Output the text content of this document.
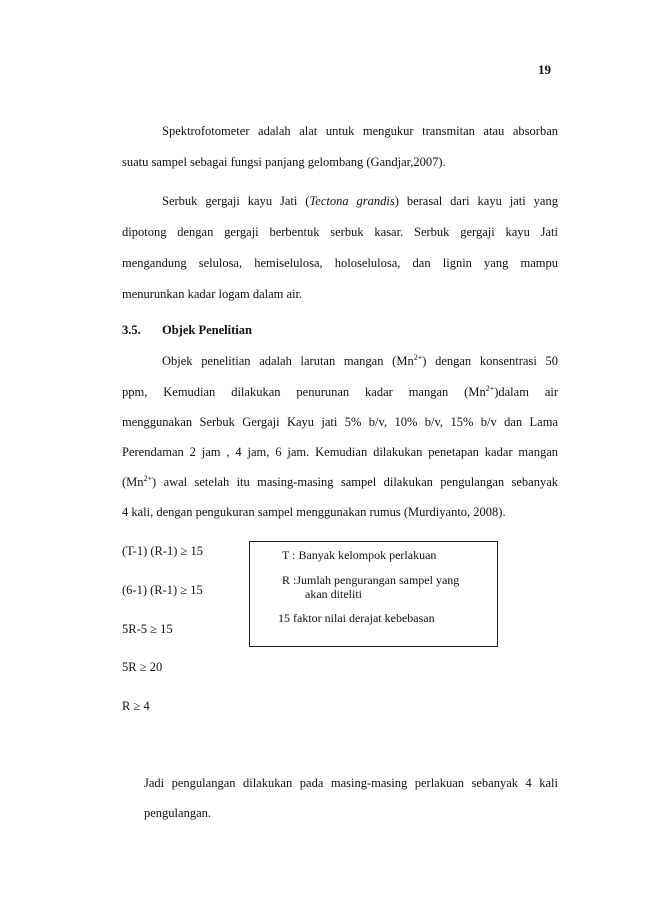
19
Spektrofotometer adalah alat untuk mengukur transmitan atau absorban
suatu sampel sebagai fungsi panjang gelombang (Gandjar,2007).
Serbuk gergaji kayu Jati (Tectona grandis) berasal dari kayu jati yang
dipotong dengan gergaji berbentuk serbuk kasar. Serbuk gergaji kayu Jati
mengandung selulosa, hemiselulosa, holoselulosa, dan lignin yang mampu
menurunkan kadar logam dalam air.
3.5. Objek Penelitian
Objek penelitian adalah larutan mangan $(Mn^{2+})$ dengan konsentrasi 50
ppm, Kemudian dilakukan penurunan kadar mangan $(Mn^{2+})dalam$ air
menggunakan Serbuk Gergaji Kayu jati 5% b/v, 10% b/v, 15% b/v dan Lama
Perendaman 2 jam , 4 jam, 6 jam. Kemudian dilakukan penetapan kadar mangan
$(Mn^{2+})$ awal setelah itu masing-masing sampel dilakukan pengulangan sebanyak
4 kali, dengan pengukuran sampel menggunakan rumus (Murdiyanto, 2008).
(T-1) (R-1) ≥ 15
(6-1) (R-1) ≥ 15
5R-5 ≥ 15
5R ≥ 20
R ≥ 4
T : Banyak kelompok perlakuan
R :Jumlah pengurangan sampel yang
akan diteliti
15 faktor nilai derajat kebebasan
Jadi pengulangan dilakukan pada masing-masing perlakuan sebanyak 4 kali
pengulangan.
